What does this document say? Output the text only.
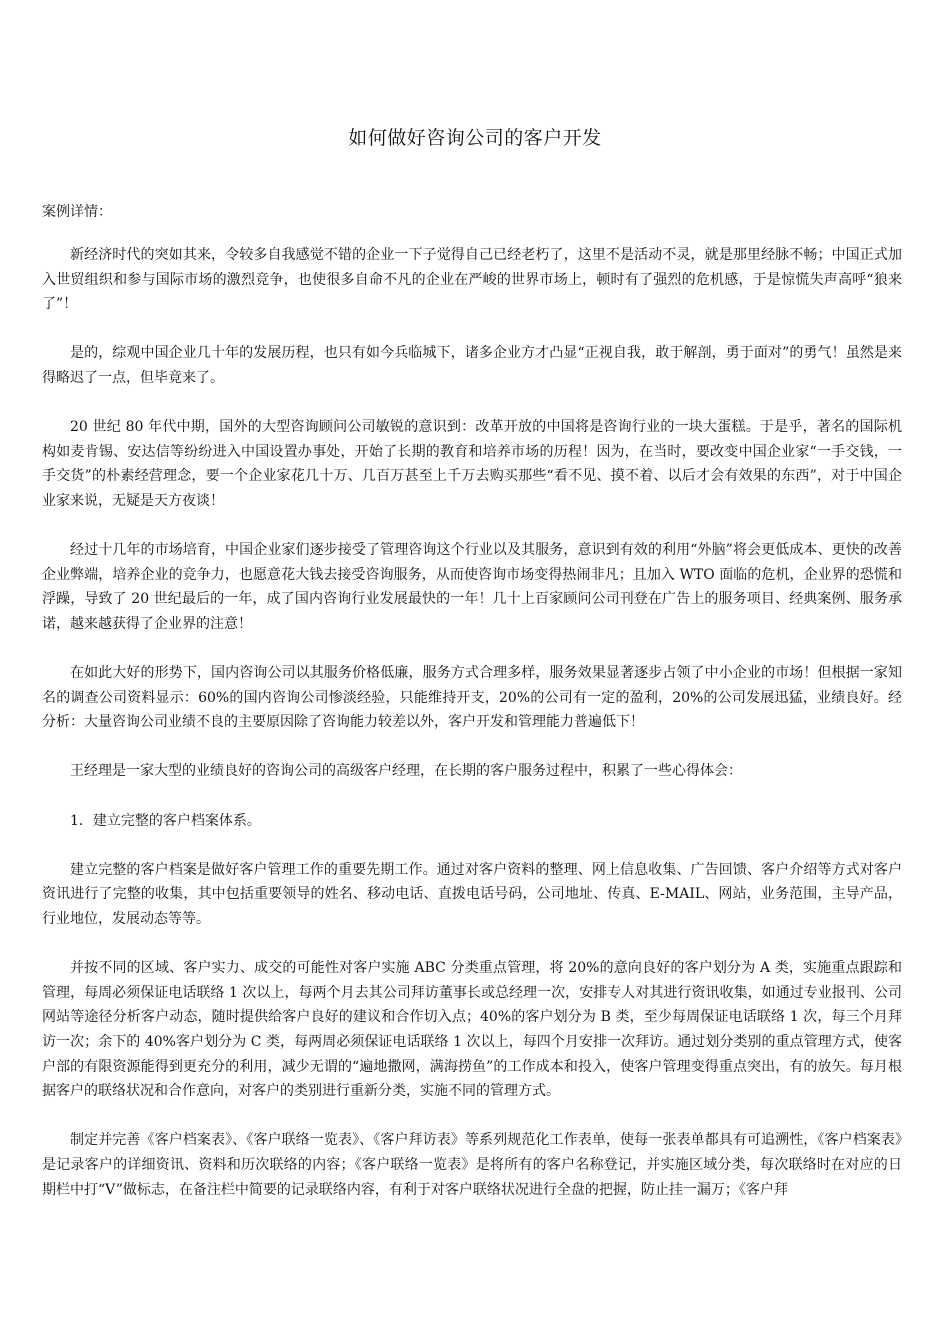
如何做好咨询公司的客户开发
案例详情：

新经济时代的突如其来，令较多自我感觉不错的企业一下子觉得自己已经老朽了，这里不是活动不灵，就是那里经脉不畅；中国正式加入世贸组织和参与国际市场的激烈竞争，也使很多自命不凡的企业在严峻的世界市场上，顿时有了强烈的危机感，于是惊慌失声高呼“狼来了”！

是的，综观中国企业几十年的发展历程，也只有如今兵临城下，诸多企业方才凸显“正视自我，敢于解剖，勇于面对”的勇气！虽然是来得略迟了一点，但毕竟来了。

20 世纪 80 年代中期，国外的大型咨询顾问公司敏锐的意识到：改革开放的中国将是咨询行业的一块大蛋糕。于是乎，著名的国际机构如麦肯锡、安达信等纷纷进入中国设置办事处，开始了长期的教育和培养市场的历程！因为，在当时，要改变中国企业家“一手交钱，一手交货”的朴素经营理念，要一个企业家花几十万、几百万甚至上千万去购买那些“看不见、摸不着、以后才会有效果的东西”，对于中国企业家来说，无疑是天方夜谈！

经过十几年的市场培育，中国企业家们逐步接受了管理咨询这个行业以及其服务，意识到有效的利用“外脑”将会更低成本、更快的改善企业弊端，培养企业的竞争力，也愿意花大钱去接受咨询服务，从而使咨询市场变得热闹非凡；且加入 WTO 面临的危机，企业界的恐慌和浮躁，导致了 20 世纪最后的一年，成了国内咨询行业发展最快的一年！几十上百家顾问公司刊登在广告上的服务项目、经典案例、服务承诺，越来越获得了企业界的注意！

在如此大好的形势下，国内咨询公司以其服务价格低廉，服务方式合理多样，服务效果显著逐步占领了中小企业的市场！但根据一家知名的调查公司资料显示：60%的国内咨询公司惨淡经验，只能维持开支，20%的公司有一定的盈利，20%的公司发展迅猛，业绩良好。经分析：大量咨询公司业绩不良的主要原因除了咨询能力较差以外，客户开发和管理能力普遍低下！

王经理是一家大型的业绩良好的咨询公司的高级客户经理，在长期的客户服务过程中，积累了一些心得体会：

1．建立完整的客户档案体系。

建立完整的客户档案是做好客户管理工作的重要先期工作。通过对客户资料的整理、网上信息收集、广告回馈、客户介绍等方式对客户资讯进行了完整的收集，其中包括重要领导的姓名、移动电话、直拨电话号码，公司地址、传真、E-MAIL、网站，业务范围，主导产品，行业地位，发展动态等等。

并按不同的区域、客户实力、成交的可能性对客户实施 ABC 分类重点管理，将 20%的意向良好的客户划分为 A 类，实施重点跟踪和管理，每周必须保证电话联络 1 次以上，每两个月去其公司拜访董事长或总经理一次，安排专人对其进行资讯收集，如通过专业报刊、公司网站等途径分析客户动态，随时提供给客户良好的建议和合作切入点；40%的客户划分为 B 类，至少每周保证电话联络 1 次，每三个月拜访一次；余下的 40%客户划分为 C 类，每两周必须保证电话联络 1 次以上，每四个月安排一次拜访。通过划分类别的重点管理方式，使客户部的有限资源能得到更充分的利用，减少无谓的“遍地撒网，满海捞鱼”的工作成本和投入，使客户管理变得重点突出，有的放矢。每月根据客户的联络状况和合作意向，对客户的类别进行重新分类，实施不同的管理方式。

制定并完善《客户档案表》、《客户联络一览表》、《客户拜访表》等系列规范化工作表单，使每一张表单都具有可追溯性，《客户档案表》是记录客户的详细资讯、资料和历次联络的内容；《客户联络一览表》是将所有的客户名称登记，并实施区域分类，每次联络时在对应的日期栏中打“V”做标志，在备注栏中简要的记录联络内容，有利于对客户联络状况进行全盘的把握，防止挂一漏万；《客户拜
